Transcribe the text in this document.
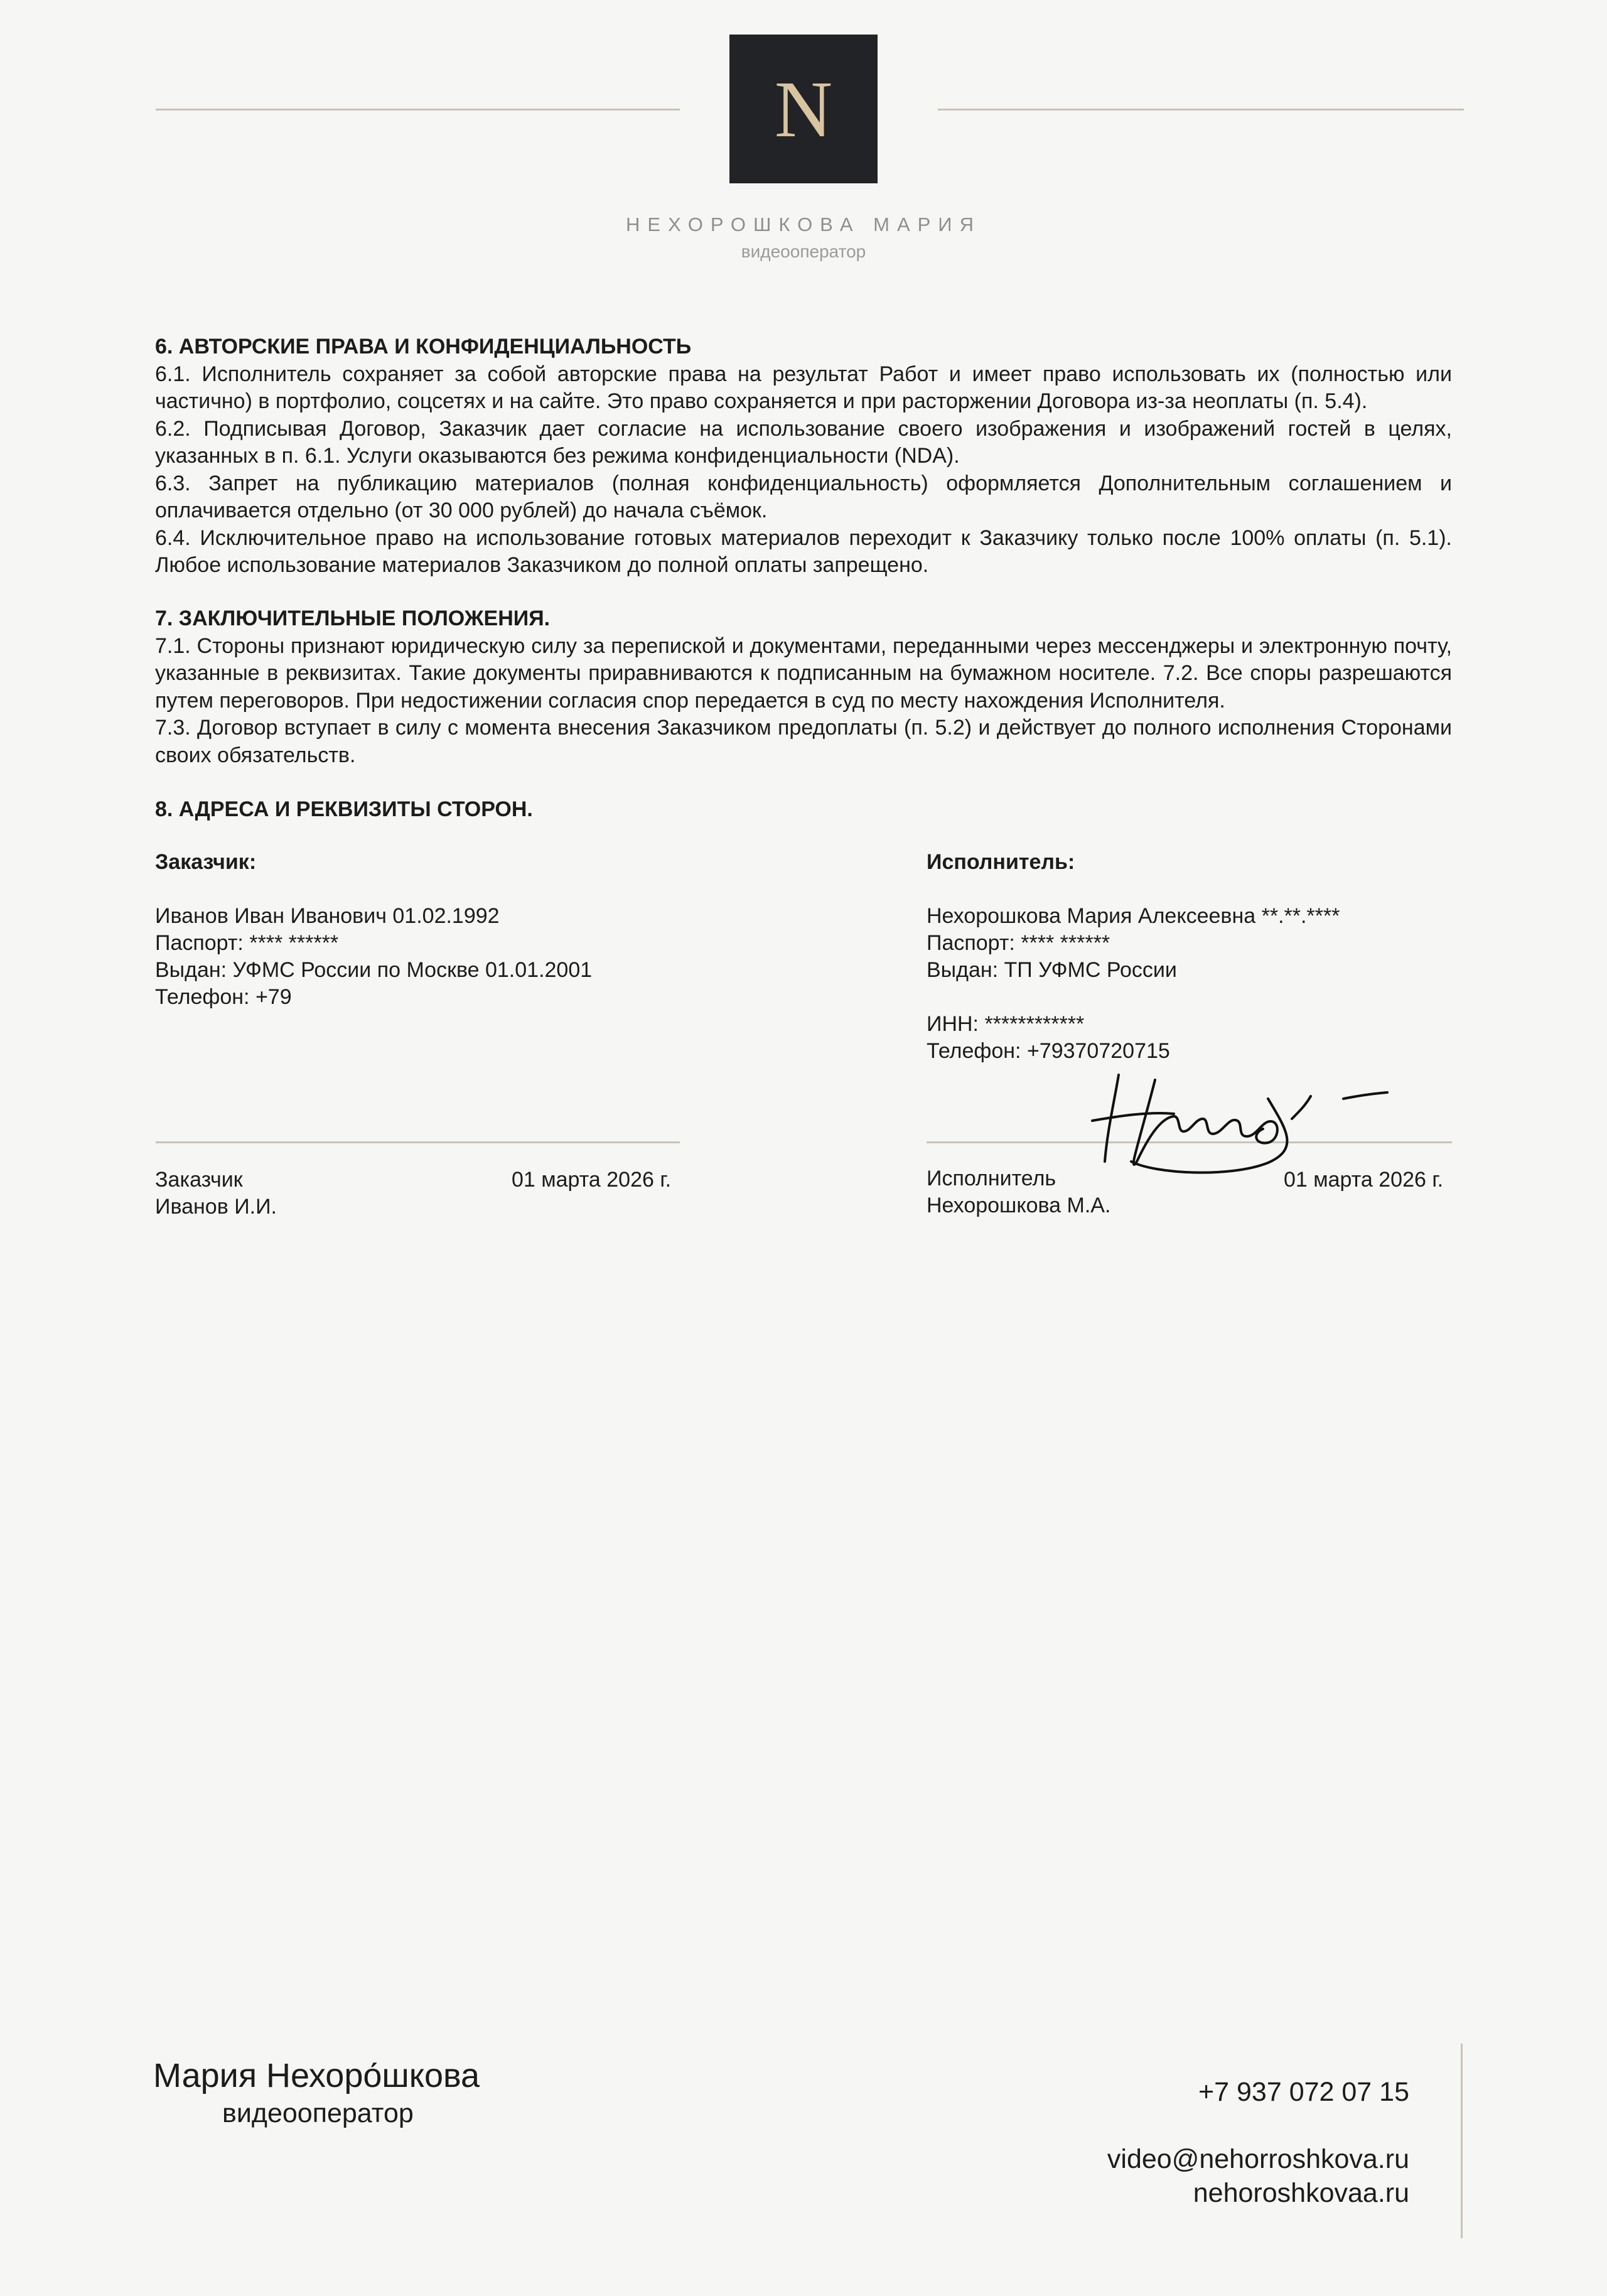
N
НЕХОРОШКОВА МАРИЯ
видеооператор

6. АВТОРСКИЕ ПРАВА И КОНФИДЕНЦИАЛЬНОСТЬ

6.1. Исполнитель сохраняет за собой авторские права на результат Работ и имеет право использовать их (полностью или частично) в портфолио, соцсетях и на сайте. Это право сохраняется и при расторжении Договора из-за неоплаты (п. 5.4).

6.2. Подписывая Договор, Заказчик дает согласие на использование своего изображения и изображений гостей в целях, указанных в п. 6.1. Услуги оказываются без режима конфиденциальности (NDA).

6.3. Запрет на публикацию материалов (полная конфиденциальность) оформляется Дополнительным соглашением и оплачивается отдельно (от 30 000 рублей) до начала съёмок.

6.4. Исключительное право на использование готовых материалов переходит к Заказчику только после 100% оплаты (п. 5.1). Любое использование материалов Заказчиком до полной оплаты запрещено.

7. ЗАКЛЮЧИТЕЛЬНЫЕ ПОЛОЖЕНИЯ.

7.1. Стороны признают юридическую силу за перепиской и документами, переданными через мессенджеры и электронную почту, указанные в реквизитах. Такие документы приравниваются к подписанным на бумажном носителе. 7.2. Все споры разрешаются путем переговоров. При недостижении согласия спор передается в суд по месту нахождения Исполнителя.

7.3. Договор вступает в силу с момента внесения Заказчиком предоплаты (п. 5.2) и действует до полного исполнения Сторонами своих обязательств.

8. АДРЕСА И РЕКВИЗИТЫ СТОРОН.

Заказчик:

Иванов Иван Иванович 01.02.1992

Паспорт: **** ******

Выдан: УФМС России по Москве 01.01.2001

Телефон: +79

Исполнитель:

Нехорошкова Мария Алексеевна **.**.****

Паспорт: **** ******

Выдан: ТП УФМС России

ИНН: ************

Телефон: +79370720715

Заказчик

Иванов И.И.

01 марта 2026 г.	Исполнитель

Нехорошкова М.А.

01 марта 2026 г.
Мария Нехоро́шкова
видеооператор
+7 937 072 07 15
video@nehorroshkova.ru
nehoroshkovaa.ru
